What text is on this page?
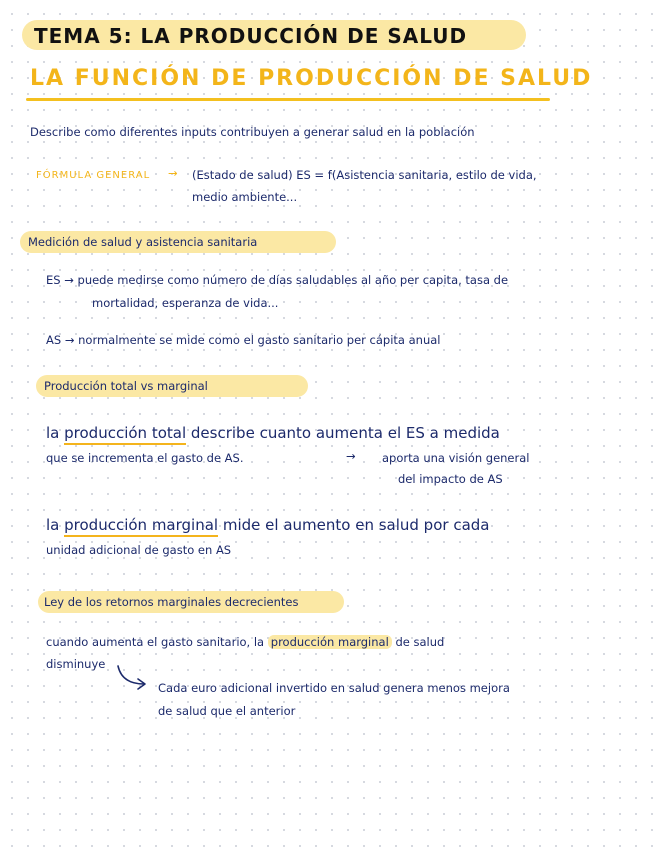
TEMA 5: LA PRODUCCIÓN DE SALUD
LA FUNCIÓN DE PRODUCCIÓN DE SALUD
Describe como diferentes inputs contribuyen a generar salud en la población
FÓRMULA GENERAL → (Estado de salud) ES = f(Asistencia sanitaria, estilo de vida,
medio ambiente...
Medición de salud y asistencia sanitaria
ES → puede medirse como número de días saludables al año per capita, tasa de
mortalidad, esperanza de vida...
AS → normalmente se mide como el gasto sanitario per cápita anual
Producción total vs marginal
la producción total describe cuanto aumenta el ES a medida
que se incrementa el gasto de AS.	→ aporta una visión general
del impacto de AS
la producción marginal mide el aumento en salud por cada
unidad adicional de gasto en AS
Ley de los retornos marginales decrecientes
cuando aumenta el gasto sanitario, la producción marginal de salud
disminuye
Cada euro adicional invertido en salud genera menos mejora
de salud que el anterior
